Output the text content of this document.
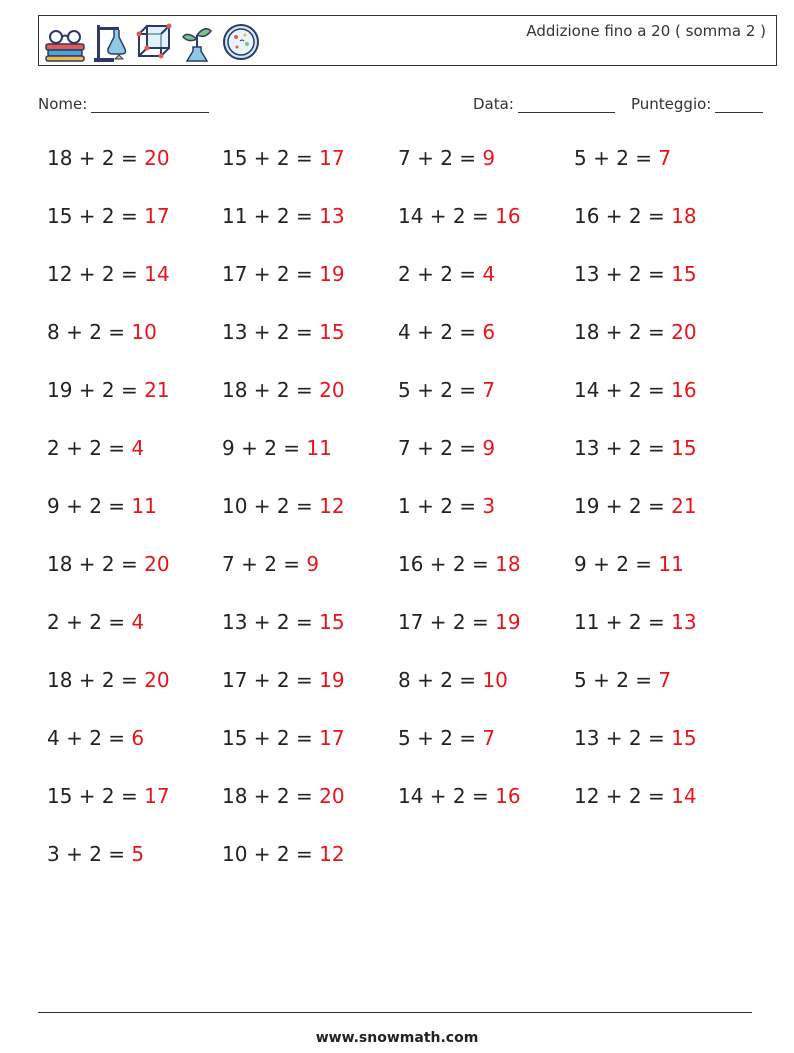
Addizione fino a 20 ( somma 2 )
Nome:	Data:	Punteggio:
18 + 2 = 20
15 + 2 = 17
12 + 2 = 14
8 + 2 = 10
19 + 2 = 21
2 + 2 = 4
9 + 2 = 11
18 + 2 = 20
2 + 2 = 4
18 + 2 = 20
4 + 2 = 6
15 + 2 = 17
3 + 2 = 5
15 + 2 = 17
11 + 2 = 13
17 + 2 = 19
13 + 2 = 15
18 + 2 = 20
9 + 2 = 11
10 + 2 = 12
7 + 2 = 9
13 + 2 = 15
17 + 2 = 19
15 + 2 = 17
18 + 2 = 20
10 + 2 = 12
7 + 2 = 9
14 + 2 = 16
2 + 2 = 4
4 + 2 = 6
5 + 2 = 7
7 + 2 = 9
1 + 2 = 3
16 + 2 = 18
17 + 2 = 19
8 + 2 = 10
5 + 2 = 7
14 + 2 = 16
5 + 2 = 7
16 + 2 = 18
13 + 2 = 15
18 + 2 = 20
14 + 2 = 16
13 + 2 = 15
19 + 2 = 21
9 + 2 = 11
11 + 2 = 13
5 + 2 = 7
13 + 2 = 15
12 + 2 = 14
www.snowmath.com
